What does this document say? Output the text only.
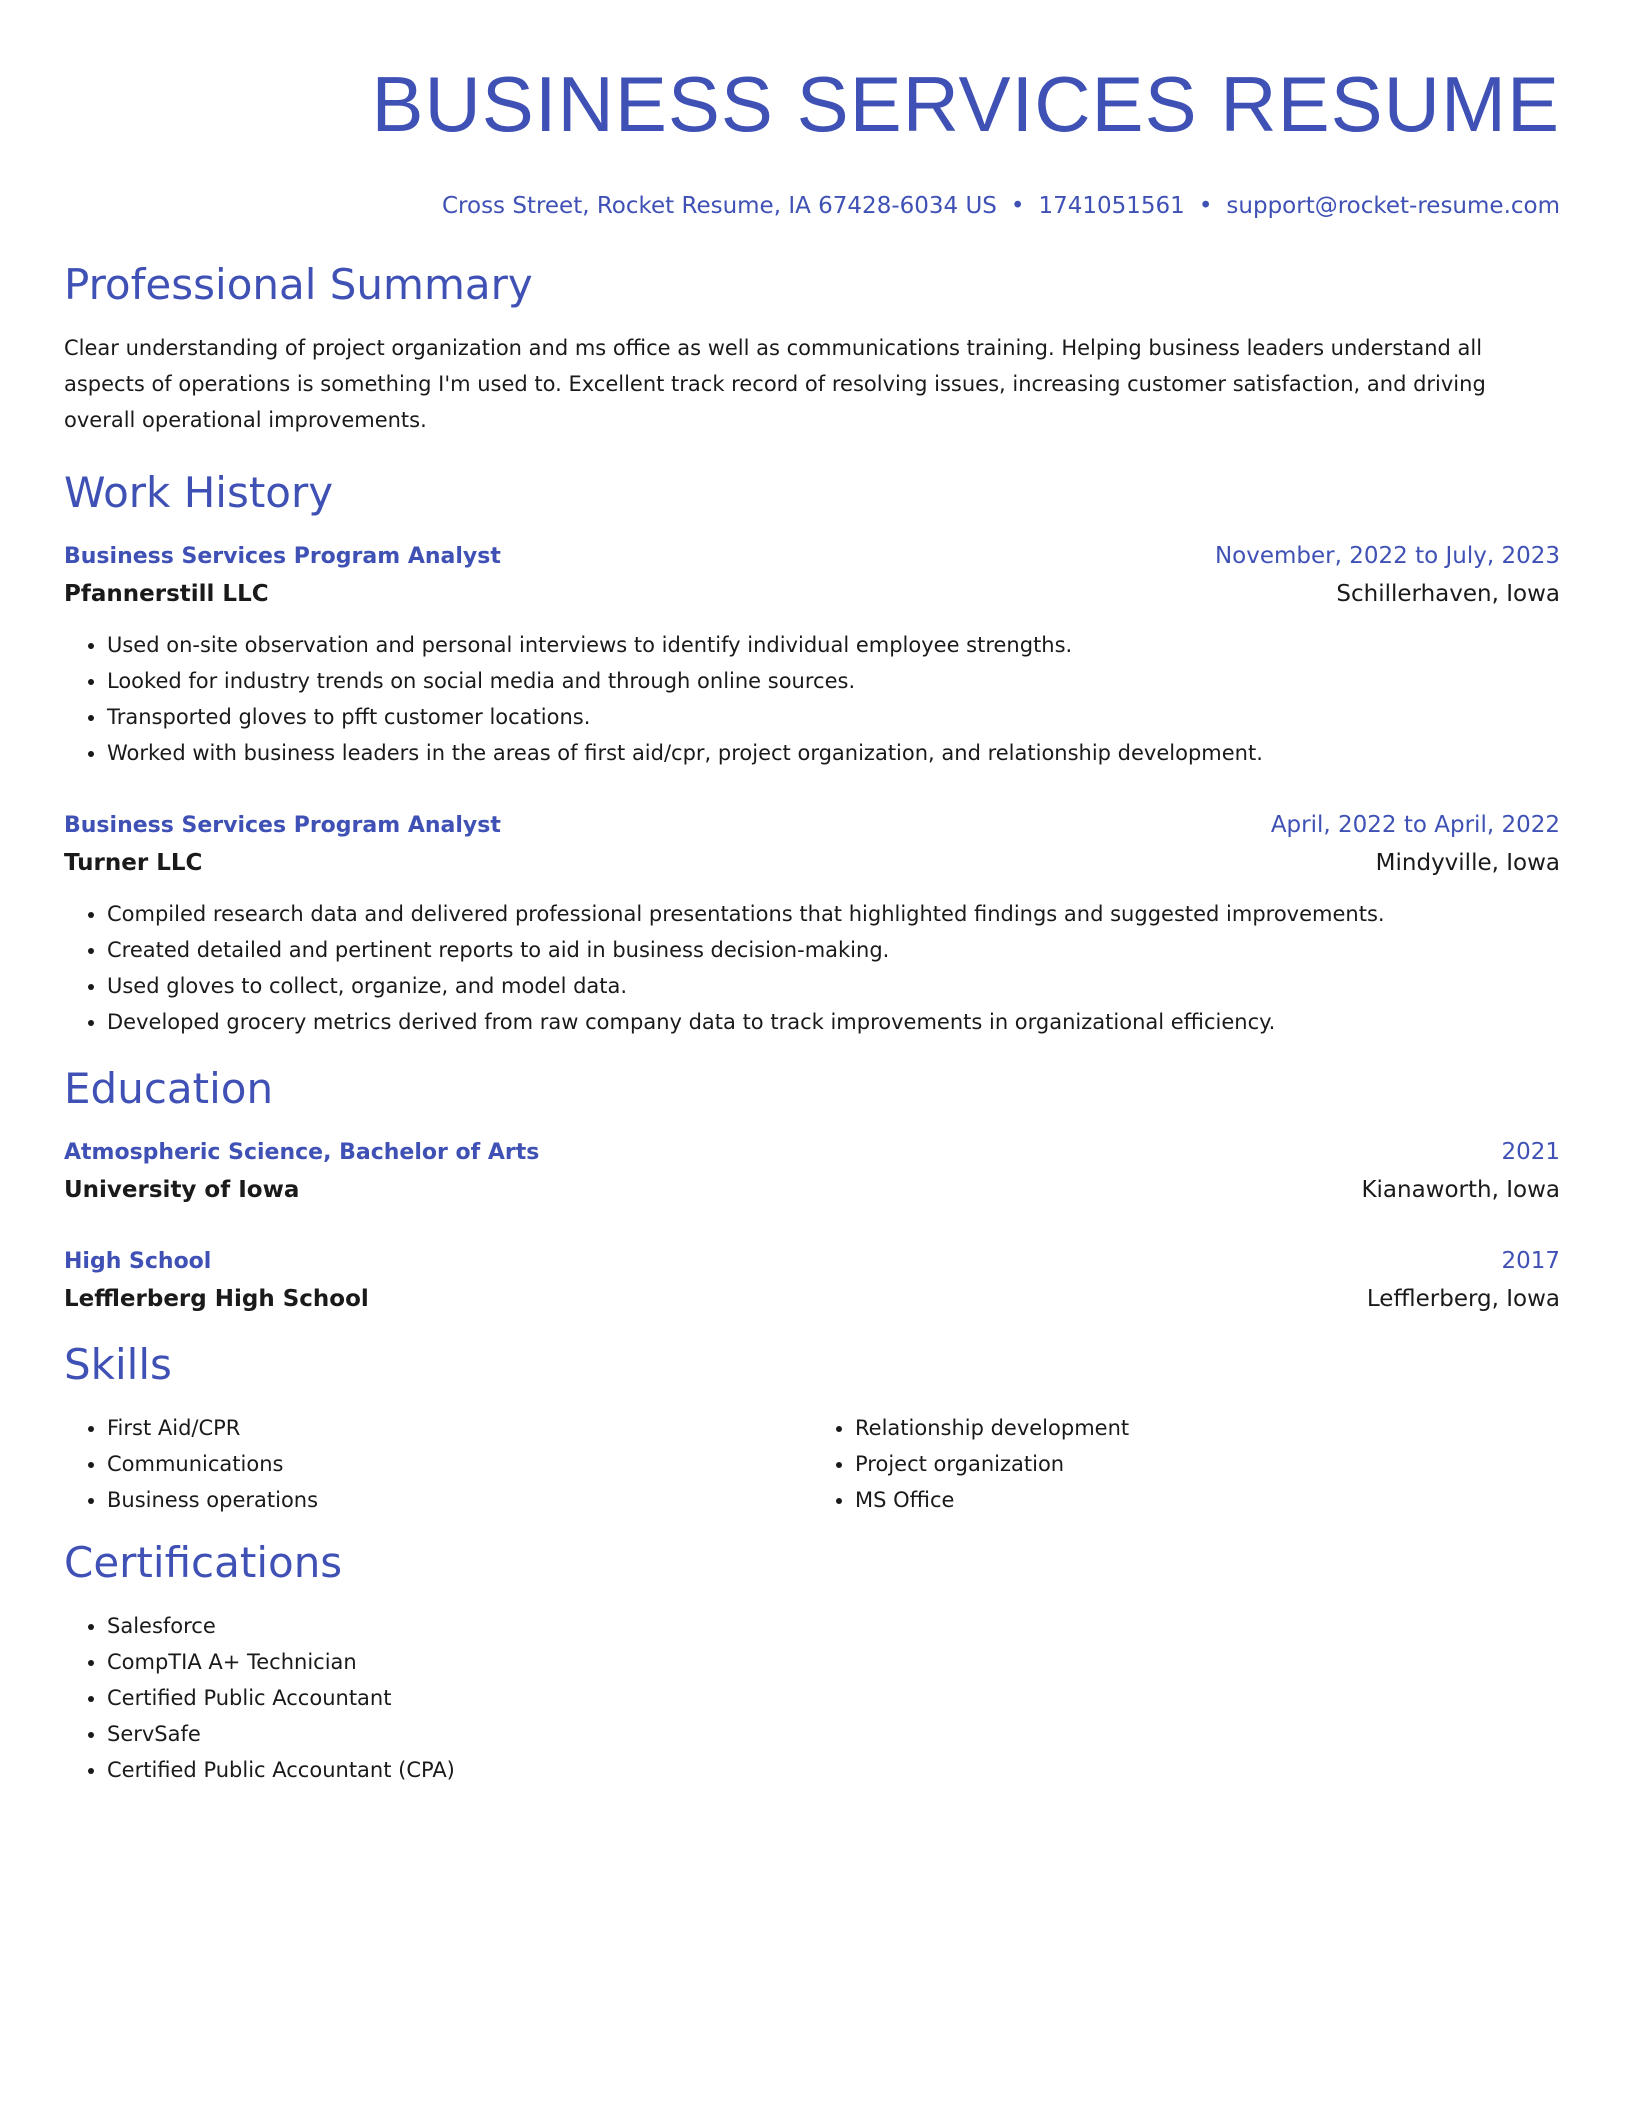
BUSINESS SERVICES RESUME
Cross Street, Rocket Resume, IA 67428-6034 US • 1741051561 • support@rocket-resume.com
Professional Summary
Clear understanding of project organization and ms office as well as communications training. Helping business leaders understand all aspects of operations is something I'm used to. Excellent track record of resolving issues, increasing customer satisfaction, and driving overall operational improvements.
Work History
Business Services Program Analyst	November, 2022 to July, 2023
Pfannerstill LLC	Schillerhaven, Iowa
• Used on-site observation and personal interviews to identify individual employee strengths.
• Looked for industry trends on social media and through online sources.
• Transported gloves to pfft customer locations.
• Worked with business leaders in the areas of first aid/cpr, project organization, and relationship development.
Business Services Program Analyst	April, 2022 to April, 2022
Turner LLC	Mindyville, Iowa
• Compiled research data and delivered professional presentations that highlighted findings and suggested improvements.
• Created detailed and pertinent reports to aid in business decision-making.
• Used gloves to collect, organize, and model data.
• Developed grocery metrics derived from raw company data to track improvements in organizational efficiency.
Education
Atmospheric Science, Bachelor of Arts	2021
University of Iowa	Kianaworth, Iowa
High School	2017
Lefflerberg High School	Lefflerberg, Iowa
Skills
• First Aid/CPR
• Communications
• Business operations
• Relationship development
• Project organization
• MS Office
Certifications
• Salesforce
• CompTIA A+ Technician
• Certified Public Accountant
• ServSafe
• Certified Public Accountant (CPA)
